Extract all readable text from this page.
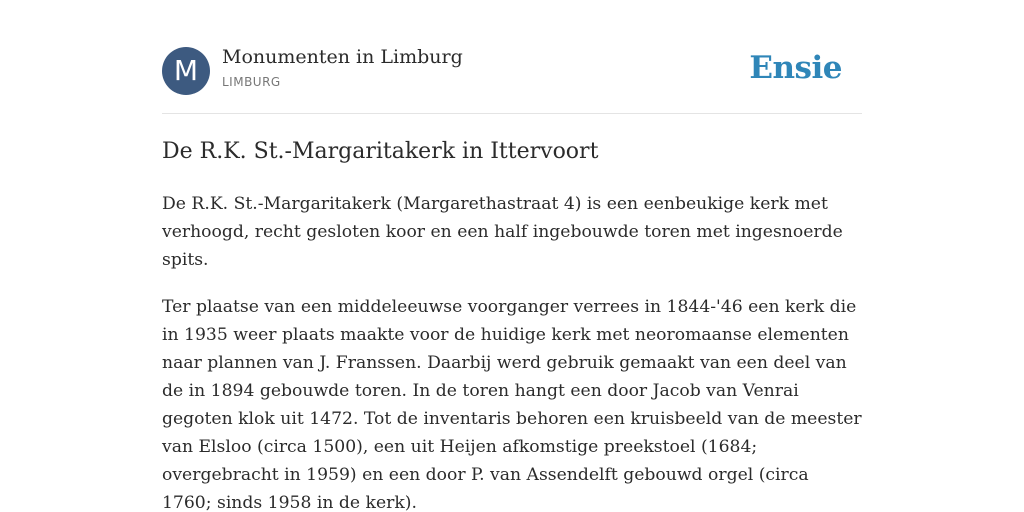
M	Monumenten in Limburg
LIMBURG	Ensie
De R.K. St.-Margaritakerk in Ittervoort

De R.K. St.-Margaritakerk (Margarethastraat 4) is een eenbeukige kerk met verhoogd, recht gesloten koor en een half ingebouwde toren met ingesnoerde spits.

Ter plaatse van een middeleeuwse voorganger verrees in 1844-'46 een kerk die in 1935 weer plaats maakte voor de huidige kerk met neoromaanse elementen naar plannen van J. Franssen. Daarbij werd gebruik gemaakt van een deel van de in 1894 gebouwde toren. In de toren hangt een door Jacob van Venrai gegoten klok uit 1472. Tot de inventaris behoren een kruisbeeld van de meester van Elsloo (circa 1500), een uit Heijen afkomstige preekstoel (1684; overgebracht in 1959) en een door P. van Assendelft gebouwd orgel (circa 1760; sinds 1958 in de kerk).
